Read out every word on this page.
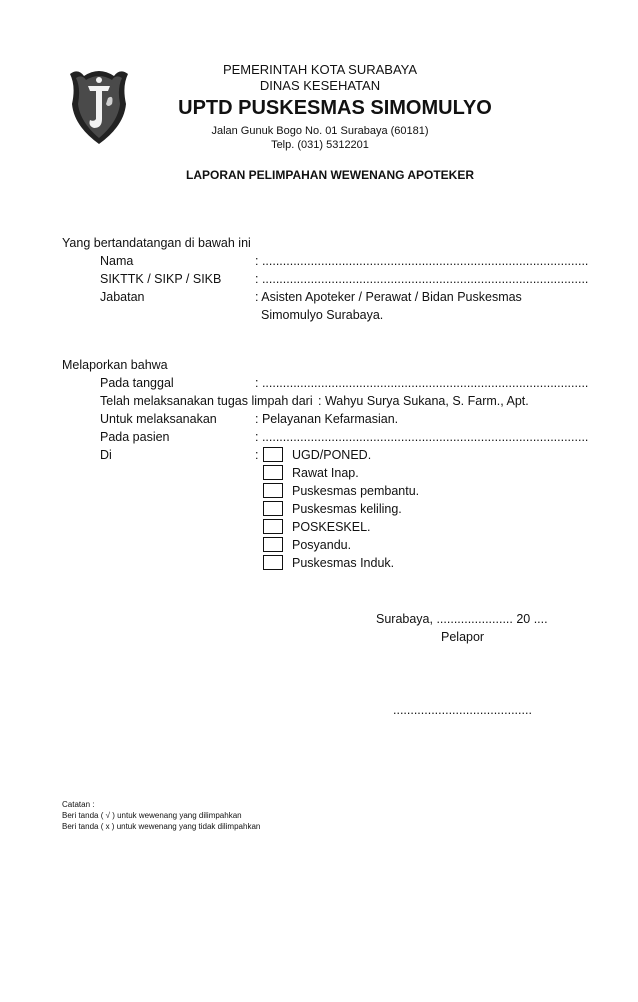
PEMERINTAH KOTA SURABAYA
DINAS KESEHATAN
UPTD PUSKESMAS SIMOMULYO
Jalan Gunuk Bogo No. 01 Surabaya (60181)
Telp. (031) 5312201
LAPORAN PELIMPAHAN WEWENANG APOTEKER
Yang bertandatangan di bawah ini
Nama	: ..............................................................................................
SIKTTK / SIKP / SIKB	: ..............................................................................................
Jabatan	: Asisten Apoteker / Perawat / Bidan Puskesmas
Simomulyo Surabaya.
Melaporkan bahwa
Pada tanggal	: ..............................................................................................
Telah melaksanakan tugas limpah dari : Wahyu Surya Sukana, S. Farm., Apt.
Untuk melaksanakan	: Pelayanan Kefarmasian.
Pada pasien	: ..............................................................................................
Di	:	UGD/PONED.
Rawat Inap.
Puskesmas pembantu.
Puskesmas keliling.
POSKESKEL.
Posyandu.
Puskesmas Induk.
Surabaya, ...................... 20 ....
Pelapor
........................................
Catatan :
Beri tanda ( √ ) untuk wewenang yang dilimpahkan
Beri tanda ( x ) untuk wewenang yang tidak dilimpahkan
